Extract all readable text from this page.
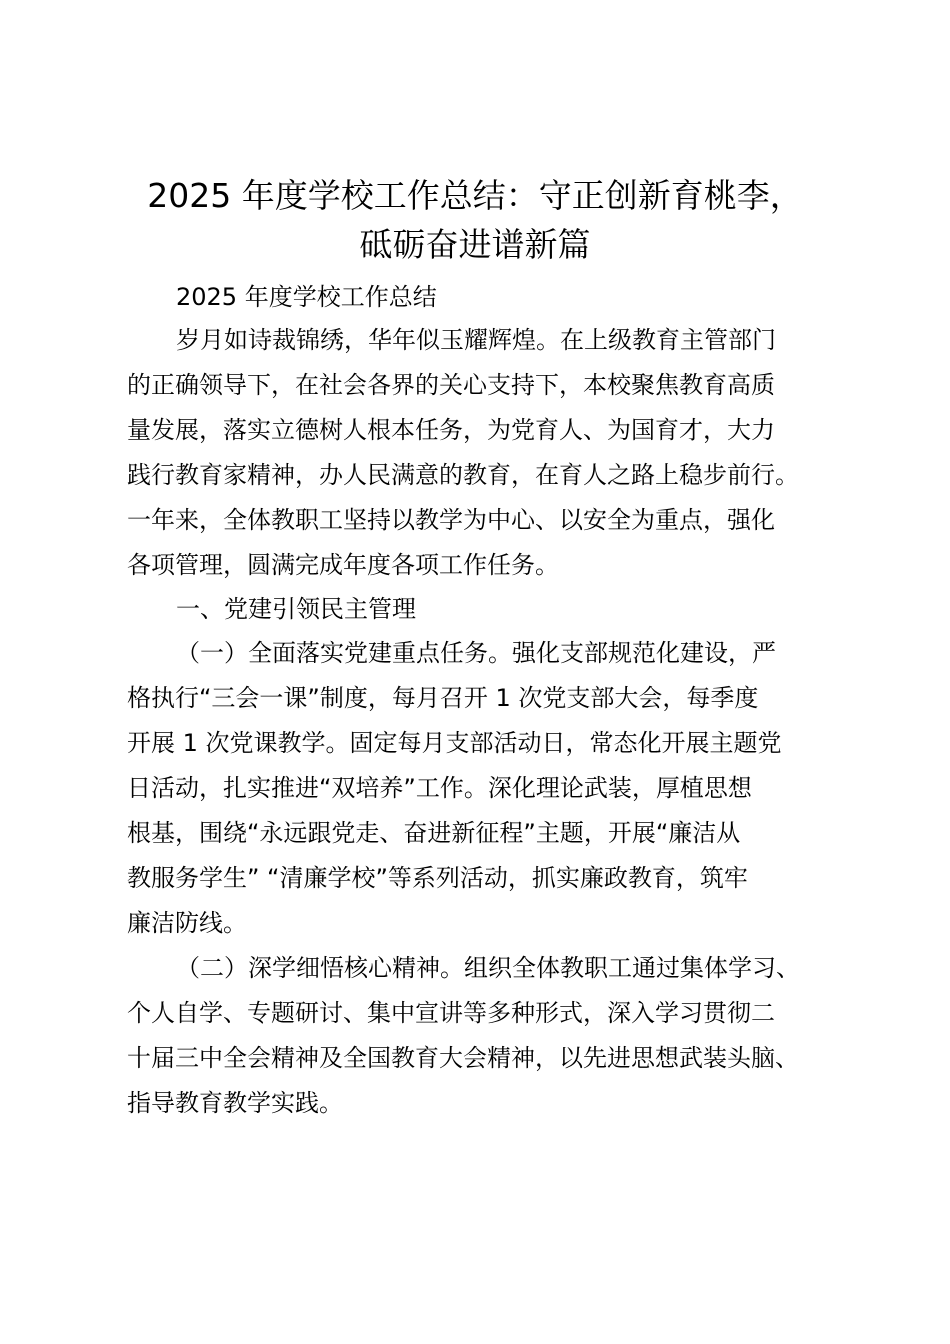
2025 年度学校工作总结：守正创新育桃李，
砥砺奋进谱新篇

2025 年度学校工作总结

岁月如诗裁锦绣，华年似玉耀辉煌。在上级教育主管部门

的正确领导下，在社会各界的关心支持下，本校聚焦教育高质

量发展，落实立德树人根本任务，为党育人、为国育才，大力

践行教育家精神，办人民满意的教育，在育人之路上稳步前行。

一年来，全体教职工坚持以教学为中心、以安全为重点，强化

各项管理，圆满完成年度各项工作任务。

一、党建引领民主管理

（一）全面落实党建重点任务。强化支部规范化建设，严

格执行“三会一课”制度，每月召开 1 次党支部大会，每季度

开展 1 次党课教学。固定每月支部活动日，常态化开展主题党

日活动，扎实推进“双培养”工作。深化理论武装，厚植思想

根基，围绕“永远跟党走、奋进新征程”主题，开展“廉洁从

教服务学生” “清廉学校”等系列活动，抓实廉政教育，筑牢

廉洁防线。

（二）深学细悟核心精神。组织全体教职工通过集体学习、

个人自学、专题研讨、集中宣讲等多种形式，深入学习贯彻二

十届三中全会精神及全国教育大会精神，以先进思想武装头脑、

指导教育教学实践。
